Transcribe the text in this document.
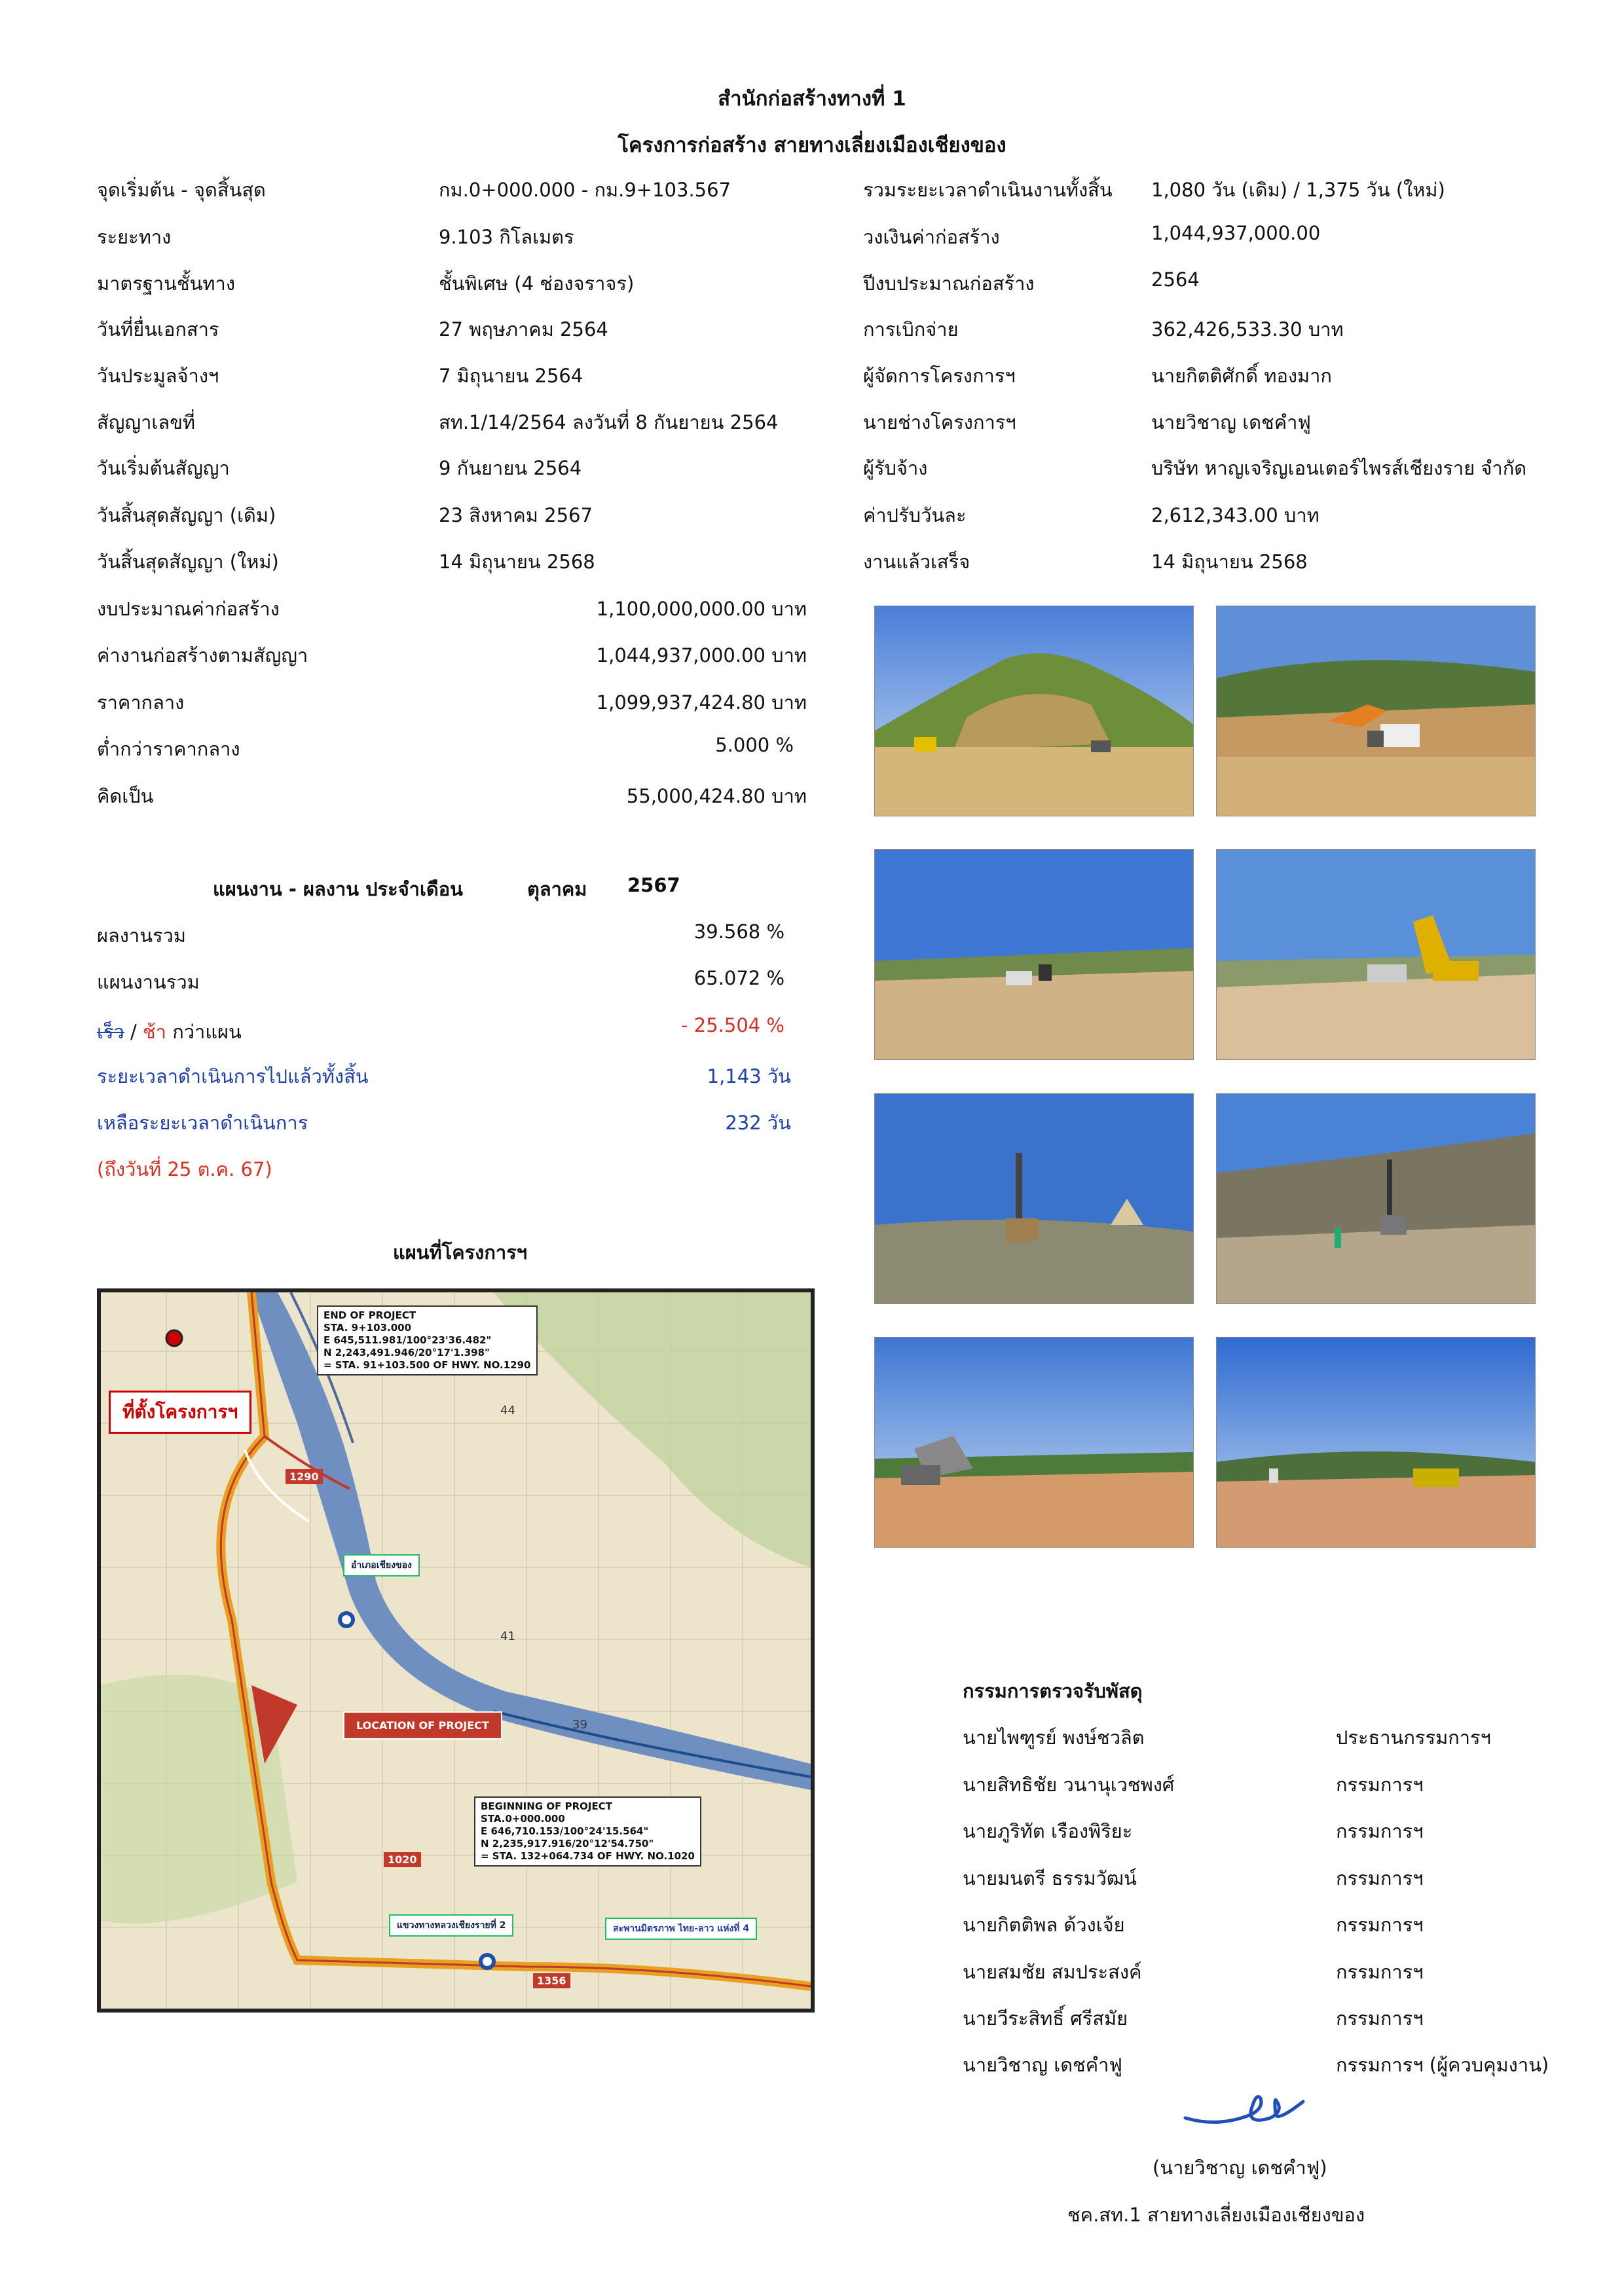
สำนักก่อสร้างทางที่ 1
โครงการก่อสร้าง สายทางเลี่ยงเมืองเชียงของ
จุดเริ่มต้น - จุดสิ้นสุด	กม.0+000.000 - กม.9+103.567
ระยะทาง	9.103 กิโลเมตร
มาตรฐานชั้นทาง	ชั้นพิเศษ (4 ช่องจราจร)
วันที่ยื่นเอกสาร	27 พฤษภาคม 2564
วันประมูลจ้างฯ	7 มิถุนายน 2564
สัญญาเลขที่	สท.1/14/2564 ลงวันที่ 8 กันยายน 2564
วันเริ่มต้นสัญญา	9 กันยายน 2564
วันสิ้นสุดสัญญา (เดิม)	23 สิงหาคม 2567
วันสิ้นสุดสัญญา (ใหม่)	14 มิถุนายน 2568
รวมระยะเวลาดำเนินงานทั้งสิ้น 1,080 วัน (เดิม) / 1,375 วัน (ใหม่)
วงเงินค่าก่อสร้าง	1,044,937,000.00
ปีงบประมาณก่อสร้าง	2564
การเบิกจ่าย	362,426,533.30 บาท
ผู้จัดการโครงการฯ	นายกิตติศักดิ์ ทองมาก
นายช่างโครงการฯ	นายวิชาญ เดชคำฟู
ผู้รับจ้าง	บริษัท หาญเจริญเอนเตอร์ไพรส์เชียงราย จำกัด
ค่าปรับวันละ	2,612,343.00 บาท
งานแล้วเสร็จ	14 มิถุนายน 2568
งบประมาณค่าก่อสร้าง	1,100,000,000.00 บาท
ค่างานก่อสร้างตามสัญญา	1,044,937,000.00 บาท
ราคากลาง	1,099,937,424.80 บาท
ต่ำกว่าราคากลาง	5.000 %
คิดเป็น	55,000,424.80 บาท
แผนงาน - ผลงาน ประจำเดือน	ตุลาคม 2567
ผลงานรวม	39.568 %
แผนงานรวม	65.072 %
เร็ว / ช้า กว่าแผน	- 25.504 %
ระยะเวลาดำเนินการไปแล้วทั้งสิ้น	1,143 วัน
เหลือระยะเวลาดำเนินการ	232 วัน
(ถึงวันที่ 25 ต.ค. 67)
แผนที่โครงการฯ
END OF PROJECT
STA. 9+103.000
E 645,511.981/100°23'36.482"
N 2,243,491.946/20°17'1.398"
= STA. 91+103.500 OF HWY. NO.1290
ที่ตั้งโครงการฯ
อำเภอเชียงของ
LOCATION OF PROJECT
BEGINNING OF PROJECT
STA.0+000.000
E 646,710.153/100°24'15.564"
N 2,235,917.916/20°12'54.750"
= STA. 132+064.734 OF HWY. NO.1020
แขวงทางหลวงเชียงรายที่ 2	สะพานมิตรภาพ ไทย-ลาว แห่งที่ 4
1290
1020
1356
44
41
39
กรรมการตรวจรับพัสดุ
นายไพฑูรย์ พงษ์ชวลิต	ประธานกรรมการฯ
นายสิทธิชัย วนานุเวชพงศ์	กรรมการฯ
นายภูริทัต เรืองพิริยะ	กรรมการฯ
นายมนตรี ธรรมวัฒน์	กรรมการฯ
นายกิตติพล ด้วงเจ้ย	กรรมการฯ
นายสมชัย สมประสงค์	กรรมการฯ
นายวีระสิทธิ์ ศรีสมัย	กรรมการฯ
นายวิชาญ เดชคำฟู	กรรมการฯ (ผู้ควบคุมงาน)
(นายวิชาญ เดชคำฟู)
ชค.สท.1 สายทางเลี่ยงเมืองเชียงของ
